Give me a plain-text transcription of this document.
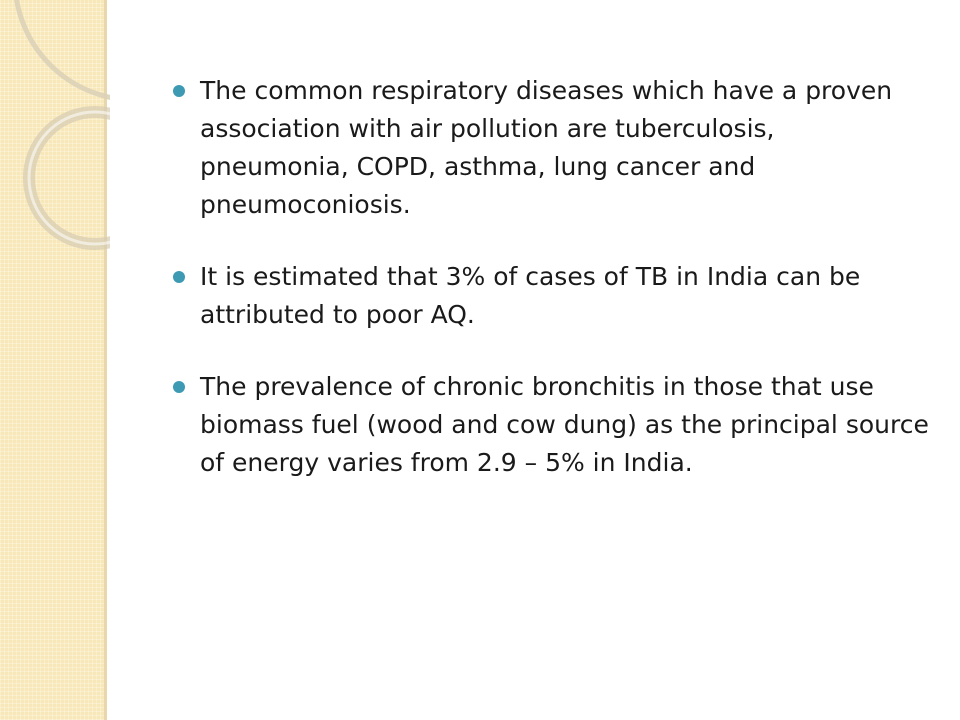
The common respiratory diseases which have a proven association with air pollution are tuberculosis, pneumonia, COPD, asthma, lung cancer and pneumoconiosis.
It is estimated that 3% of cases of TB in India can be attributed to poor AQ.
The prevalence of chronic bronchitis in those that use biomass fuel (wood and cow dung) as the principal source of energy varies from 2.9 – 5% in India.
